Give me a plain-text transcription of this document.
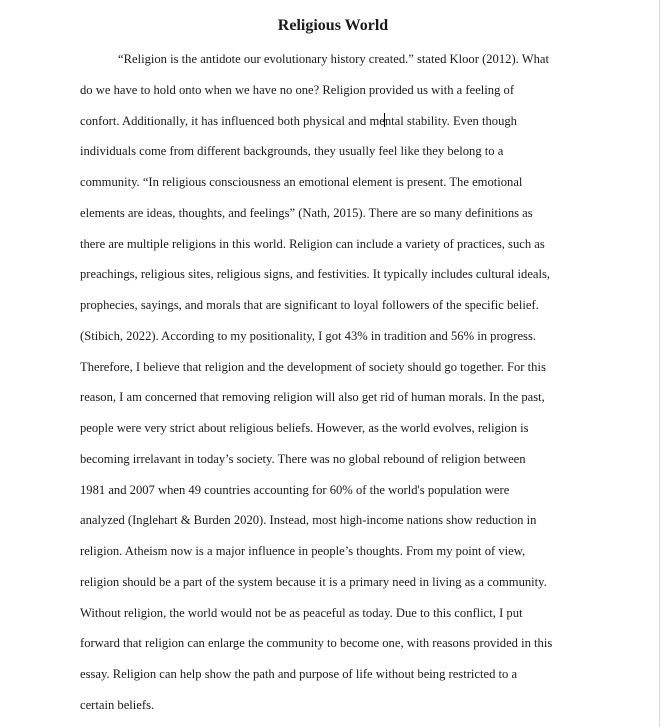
Religious World
“Religion is the antidote our evolutionary history created.” stated Kloor (2012). What
do we have to hold onto when we have no one? Religion provided us with a feeling of
confort. Additionally, it has influenced both physical and mental stability. Even though
individuals come from different backgrounds, they usually feel like they belong to a
community. “In religious consciousness an emotional element is present. The emotional
elements are ideas, thoughts, and feelings” (Nath, 2015). There are so many definitions as
there are multiple religions in this world. Religion can include a variety of practices, such as
preachings, religious sites, religious signs, and festivities. It typically includes cultural ideals,
prophecies, sayings, and morals that are significant to loyal followers of the specific belief.
(Stibich, 2022). According to my positionality, I got 43% in tradition and 56% in progress.
Therefore, I believe that religion and the development of society should go together. For this
reason, I am concerned that removing religion will also get rid of human morals. In the past,
people were very strict about religious beliefs. However, as the world evolves, religion is
becoming irrelavant in today’s society. There was no global rebound of religion between
1981 and 2007 when 49 countries accounting for 60% of the world's population were
analyzed (Inglehart & Burden 2020). Instead, most high-income nations show reduction in
religion. Atheism now is a major influence in people’s thoughts. From my point of view,
religion should be a part of the system because it is a primary need in living as a community.
Without religion, the world would not be as peaceful as today. Due to this conflict, I put
forward that religion can enlarge the community to become one, with reasons provided in this
essay. Religion can help show the path and purpose of life without being restricted to a
certain beliefs.
